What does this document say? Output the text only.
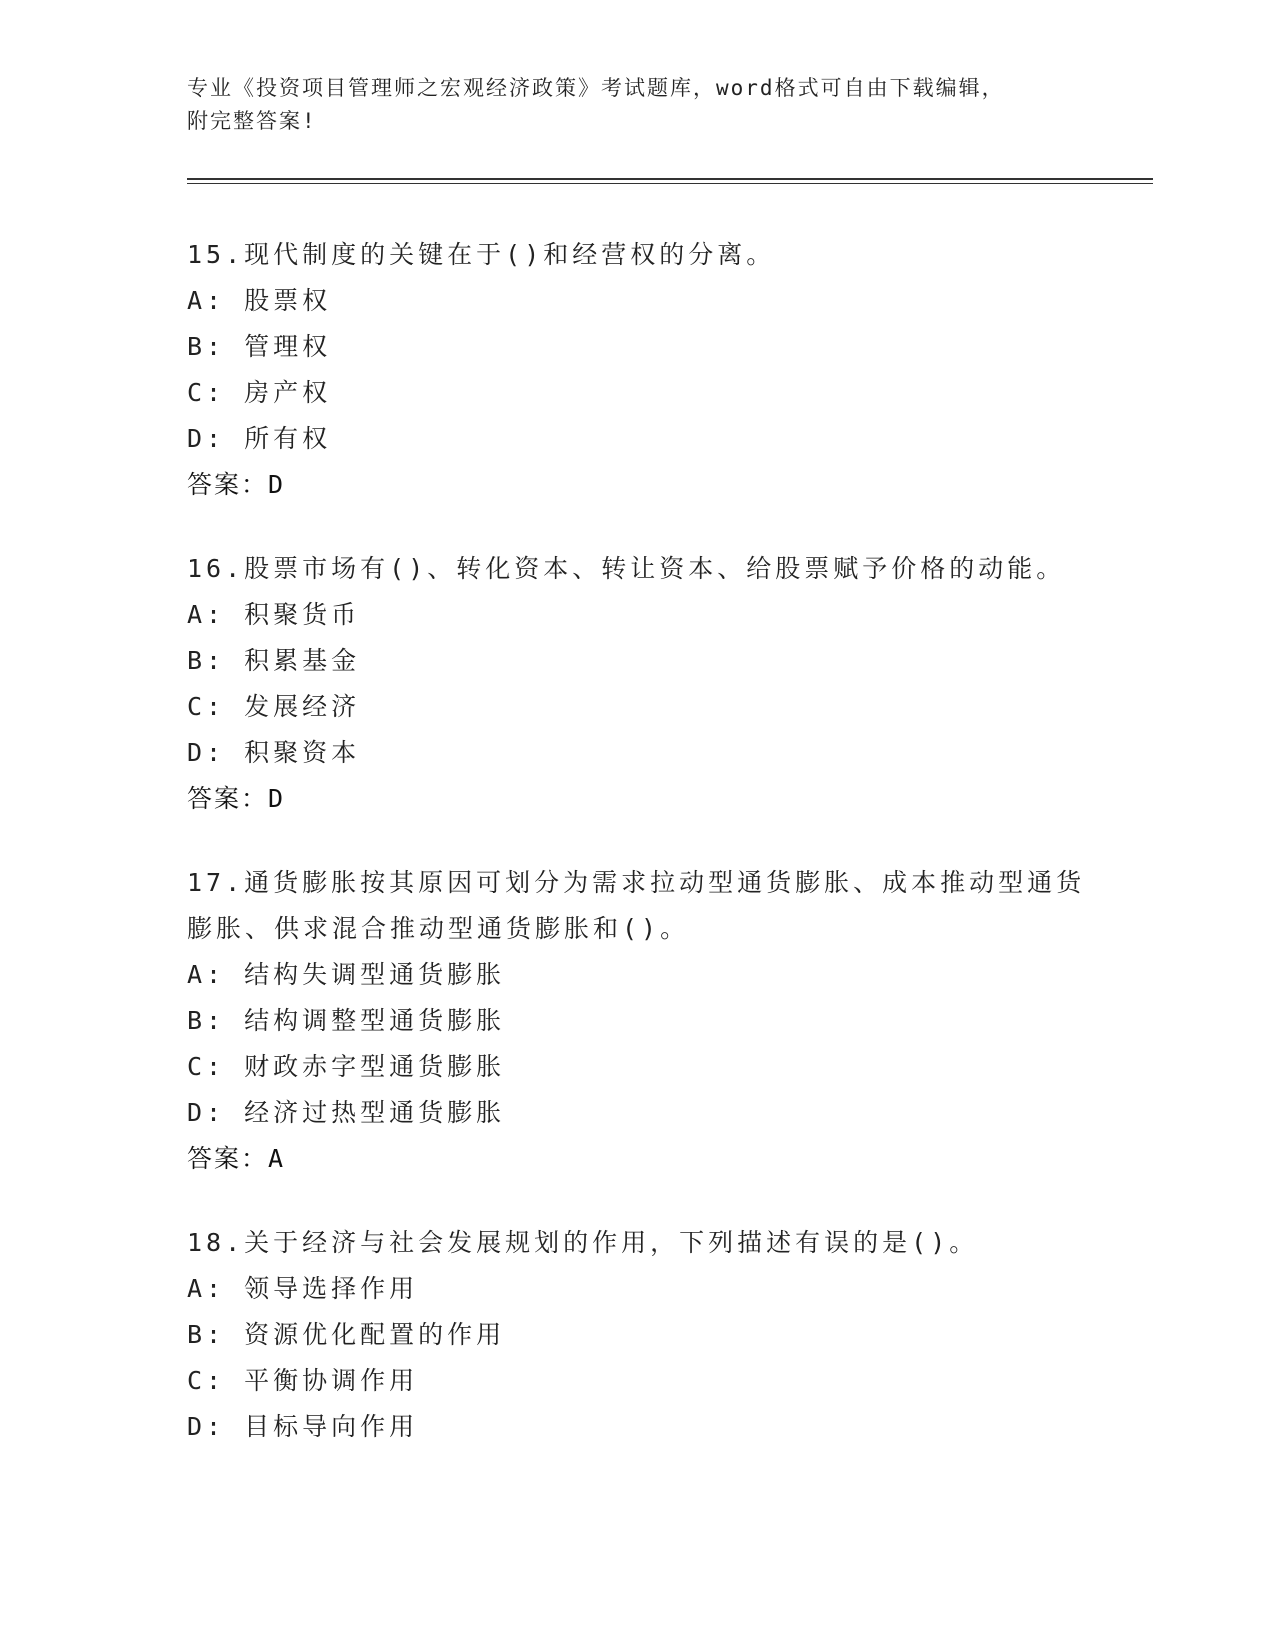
专业《投资项目管理师之宏观经济政策》考试题库，word格式可自由下载编辑，
附完整答案!
15.现代制度的关键在于()和经营权的分离。
A: 股票权
B: 管理权
C: 房产权
D: 所有权
答案：D
16.股票市场有()、转化资本、转让资本、给股票赋予价格的动能。
A: 积聚货币
B: 积累基金
C: 发展经济
D: 积聚资本
答案：D
17.通货膨胀按其原因可划分为需求拉动型通货膨胀、成本推动型通货膨胀、供求混合推动型通货膨胀和()。
A: 结构失调型通货膨胀
B: 结构调整型通货膨胀
C: 财政赤字型通货膨胀
D: 经济过热型通货膨胀
答案：A
18.关于经济与社会发展规划的作用，下列描述有误的是()。
A: 领导选择作用
B: 资源优化配置的作用
C: 平衡协调作用
D: 目标导向作用
